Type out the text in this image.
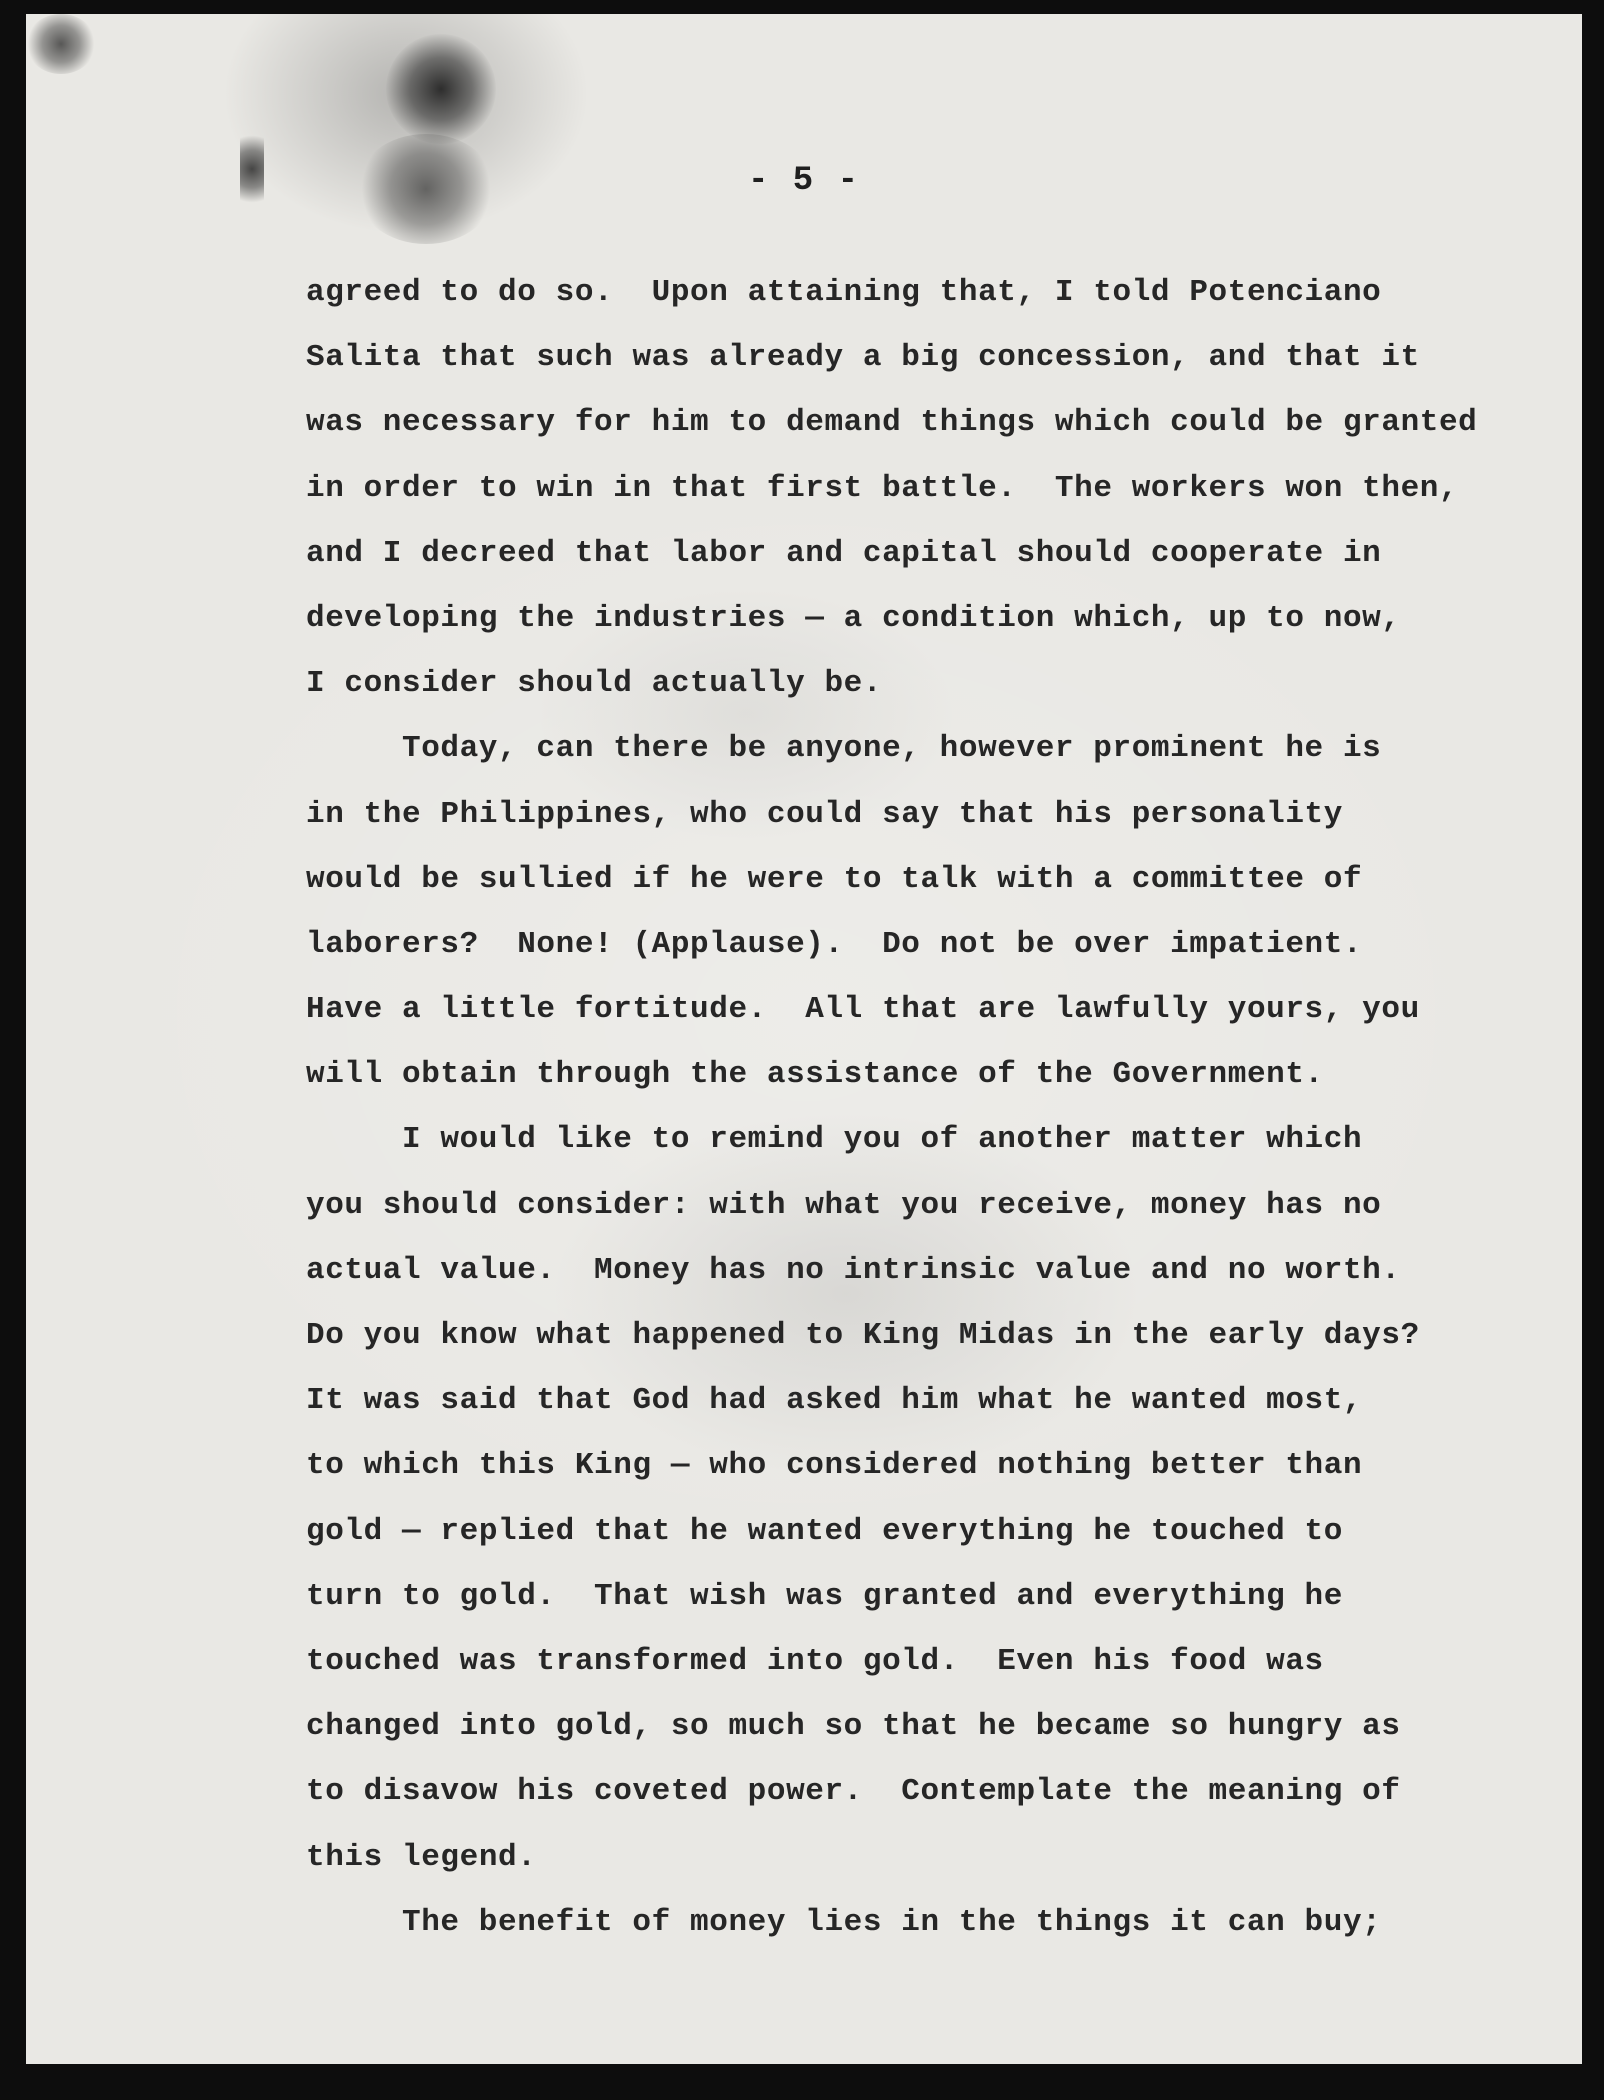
- 5 -
agreed to do so.  Upon attaining that, I told Potenciano
Salita that such was already a big concession, and that it
was necessary for him to demand things which could be granted
in order to win in that first battle.  The workers won then,
and I decreed that labor and capital should cooperate in
developing the industries — a condition which, up to now,
I consider should actually be.
Today, can there be anyone, however prominent he is
in the Philippines, who could say that his personality
would be sullied if he were to talk with a committee of
laborers?  None! (Applause).  Do not be over impatient.
Have a little fortitude.  All that are lawfully yours, you
will obtain through the assistance of the Government.
I would like to remind you of another matter which
you should consider: with what you receive, money has no
actual value.  Money has no intrinsic value and no worth.
Do you know what happened to King Midas in the early days?
It was said that God had asked him what he wanted most,
to which this King — who considered nothing better than
gold — replied that he wanted everything he touched to
turn to gold.  That wish was granted and everything he
touched was transformed into gold.  Even his food was
changed into gold, so much so that he became so hungry as
to disavow his coveted power.  Contemplate the meaning of
this legend.
The benefit of money lies in the things it can buy;
